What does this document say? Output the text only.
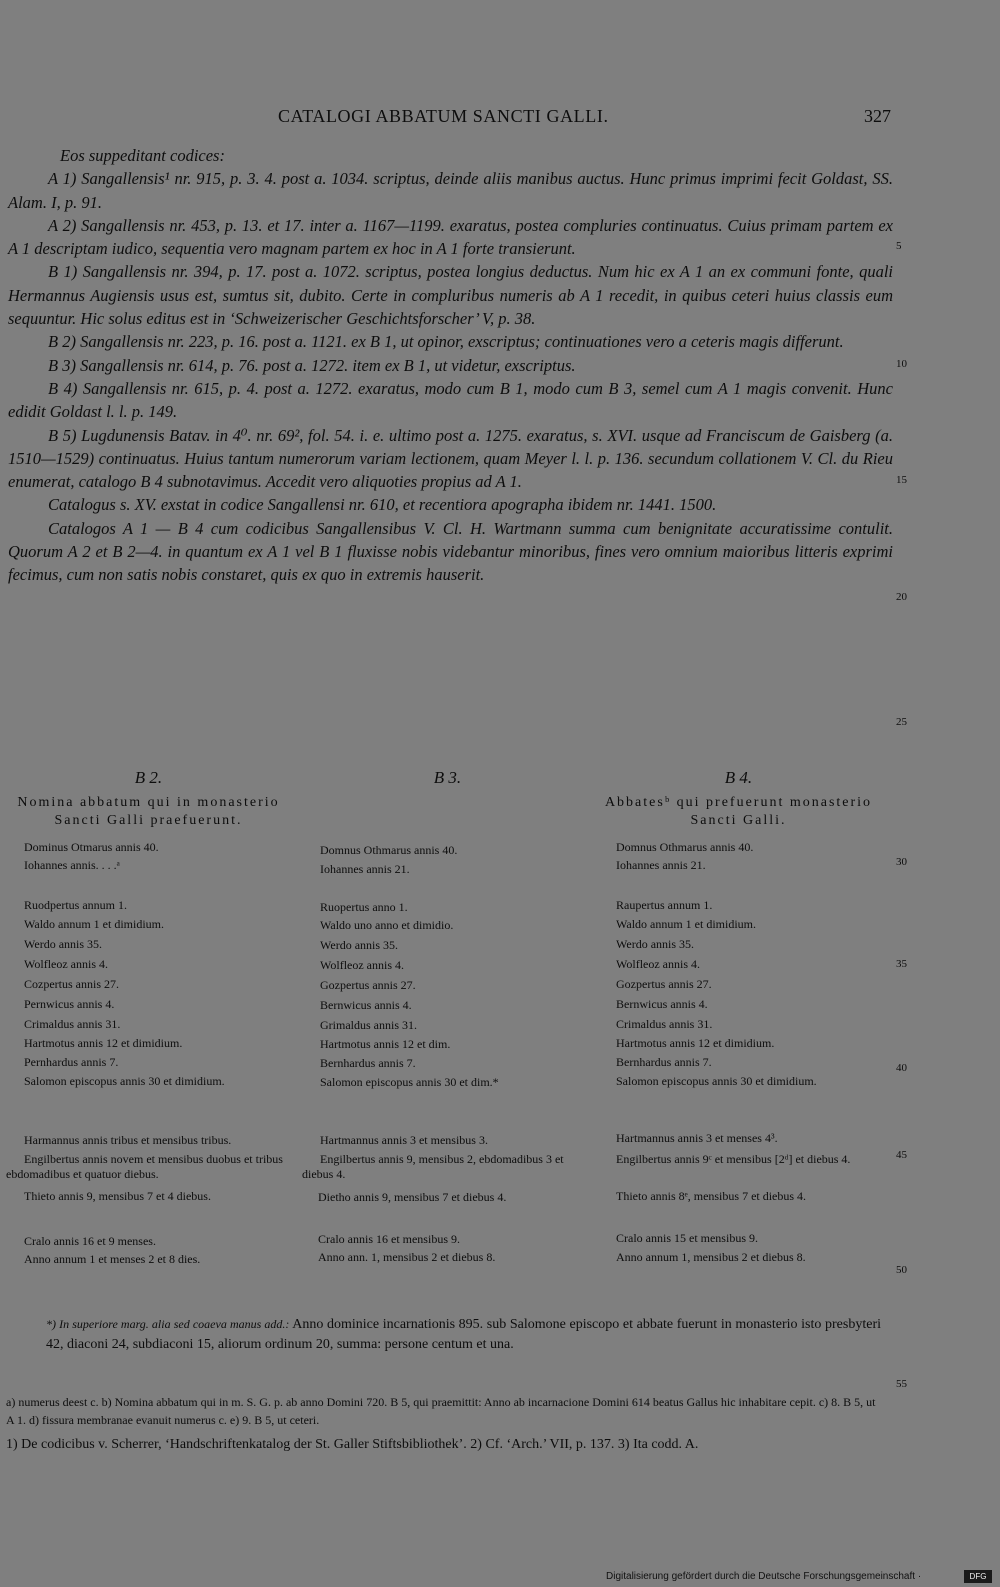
CATALOGI ABBATUM SANCTI GALLI.	327

Eos suppeditant codices:

A 1) Sangallensis¹ nr. 915, p. 3. 4. post a. 1034. scriptus, deinde aliis manibus auctus. Hunc primus imprimi fecit Goldast, SS. Alam. I, p. 91.

A 2) Sangallensis nr. 453, p. 13. et 17. inter a. 1167—1199. exaratus, postea compluries continuatus. Cuius primam partem ex A 1 descriptam iudico, sequentia vero magnam partem ex hoc in A 1 forte transierunt.

B 1) Sangallensis nr. 394, p. 17. post a. 1072. scriptus, postea longius deductus. Num hic ex A 1 an ex communi fonte, quali Hermannus Augiensis usus est, sumtus sit, dubito. Certe in compluribus numeris ab A 1 recedit, in quibus ceteri huius classis eum sequuntur. Hic solus editus est in ‘Schweizerischer Geschichtsforscher’ V, p. 38.

B 2) Sangallensis nr. 223, p. 16. post a. 1121. ex B 1, ut opinor, exscriptus; continuationes vero a ceteris magis differunt.

B 3) Sangallensis nr. 614, p. 76. post a. 1272. item ex B 1, ut videtur, exscriptus.

B 4) Sangallensis nr. 615, p. 4. post a. 1272. exaratus, modo cum B 1, modo cum B 3, semel cum A 1 magis convenit. Hunc edidit Goldast l. l. p. 149.

B 5) Lugdunensis Batav. in 4⁰. nr. 69², fol. 54. i. e. ultimo post a. 1275. exaratus, s. XVI. usque ad Franciscum de Gaisberg (a. 1510—1529) continuatus. Huius tantum numerorum variam lectionem, quam Meyer l. l. p. 136. secundum collationem V. Cl. du Rieu enumerat, catalogo B 4 subnotavimus. Accedit vero aliquoties propius ad A 1.

Catalogus s. XV. exstat in codice Sangallensi nr. 610, et recentiora apographa ibidem nr. 1441. 1500.

Catalogos A 1 — B 4 cum codicibus Sangallensibus V. Cl. H. Wartmann summa cum benignitate accuratissime contulit. Quorum A 2 et B 2—4. in quantum ex A 1 vel B 1 fluxisse nobis videbantur minoribus, fines vero omnium maioribus litteris exprimi fecimus, cum non satis nobis constaret, quis ex quo in extremis hauserit.

5
10
15
20
25
30
35
40
45
50
55
B 2.
Nomina abbatum qui in monasterio Sancti Galli praefuerunt.
Dominus Otmarus annis 40.
Iohannes annis. . . .ᵃ
Ruodpertus annum 1.
Waldo annum 1 et dimidium.
Werdo annis 35.
Wolfleoz annis 4.
Cozpertus annis 27.
Pernwicus annis 4.
Crimaldus annis 31.
Hartmotus annis 12 et dimidium.
Pernhardus annis 7.
Salomon episcopus annis 30 et dimidium.
Harmannus annis tribus et mensibus tribus.
Engilbertus annis novem et mensibus duobus et tribus ebdomadibus et quatuor diebus.
Thieto annis 9, mensibus 7 et 4 diebus.
Cralo annis 16 et 9 menses.
Anno annum 1 et menses 2 et 8 dies.
B 3.
Domnus Othmarus annis 40.
Iohannes annis 21.
Ruopertus anno 1.
Waldo uno anno et dimidio.
Werdo annis 35.
Wolfleoz annis 4.
Gozpertus annis 27.
Bernwicus annis 4.
Grimaldus annis 31.
Hartmotus annis 12 et dim.
Bernhardus annis 7.
Salomon episcopus annis 30 et dim.*
Hartmannus annis 3 et mensibus 3.
Engilbertus annis 9, mensibus 2, ebdomadibus 3 et diebus 4.
Dietho annis 9, mensibus 7 et diebus 4.
Cralo annis 16 et mensibus 9.
Anno ann. 1, mensibus 2 et diebus 8.
B 4.
Abbatesᵇ qui prefuerunt monasterio Sancti Galli.
Domnus Othmarus annis 40.
Iohannes annis 21.
Raupertus annum 1.
Waldo annum 1 et dimidium.
Werdo annis 35.
Wolfleoz annis 4.
Gozpertus annis 27.
Bernwicus annis 4.
Crimaldus annis 31.
Hartmotus annis 12 et dimidium.
Bernhardus annis 7.
Salomon episcopus annis 30 et dimidium.
Hartmannus annis 3 et menses 4³.
Engilbertus annis 9ᶜ et mensibus [2ᵈ] et diebus 4.
Thieto annis 8ᵉ, mensibus 7 et diebus 4.
Cralo annis 15 et mensibus 9.
Anno annum 1, mensibus 2 et diebus 8.
*) In superiore marg. alia sed coaeva manus add.: Anno dominice incarnationis 895. sub Salomone episcopo et abbate fuerunt in monasterio isto presbyteri 42, diaconi 24, subdiaconi 15, aliorum ordinum 20, summa: persone centum et una.
a) numerus deest c. b) Nomina abbatum qui in m. S. G. p. ab anno Domini 720. B 5, qui praemittit: Anno ab incarnacione Domini 614 beatus Gallus hic inhabitare cepit. c) 8. B 5, ut A 1. d) fissura membranae evanuit numerus c. e) 9. B 5, ut ceteri.
1) De codicibus v. Scherrer, ‘Handschriftenkatalog der St. Galler Stiftsbibliothek’. 2) Cf. ‘Arch.’ VII, p. 137. 3) Ita codd. A.
Digitalisierung gefördert durch die Deutsche Forschungsgemeinschaft ·	DFG
